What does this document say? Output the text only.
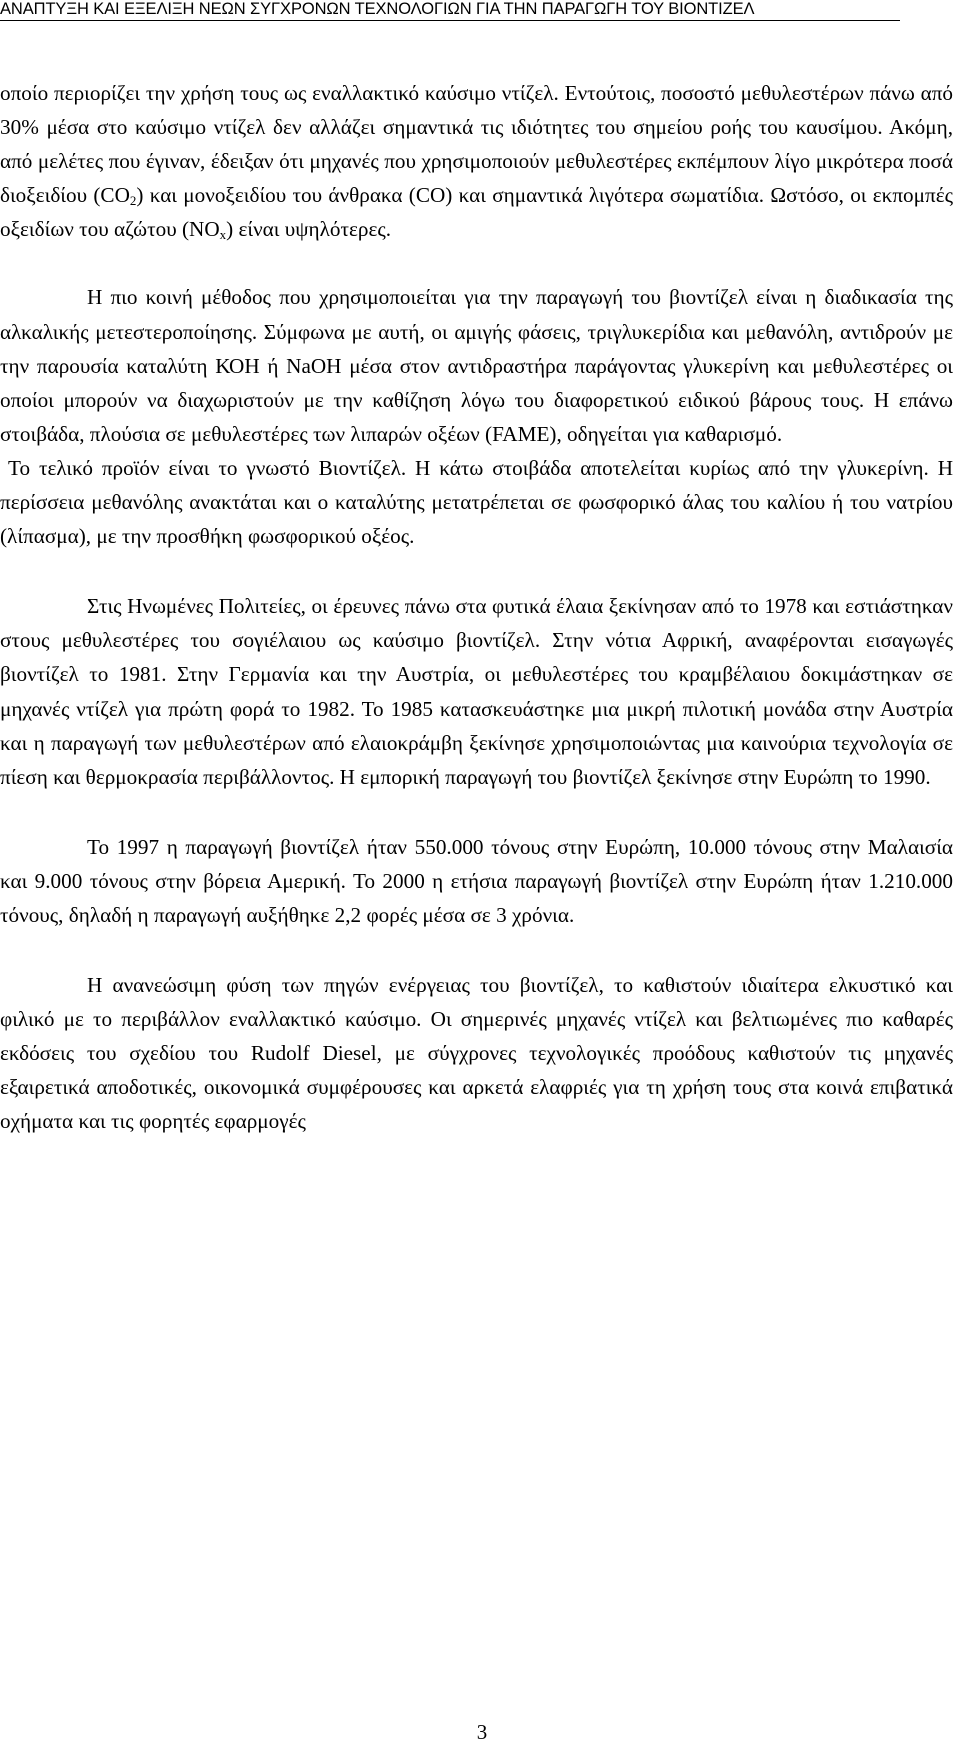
ΑΝΑΠΤΥΞΗ ΚΑΙ ΕΞΕΛΙΞΗ ΝΕΩΝ ΣΥΓΧΡΟΝΩΝ ΤΕΧΝΟΛΟΓΙΩΝ ΓΙΑ ΤΗΝ ΠΑΡΑΓΩΓΗ ΤΟΥ ΒΙΟΝΤΙΖΕΛ

οποίο περιορίζει την χρήση τους ως εναλλακτικό καύσιμο ντίζελ. Εντούτοις, ποσοστό μεθυλεστέρων πάνω από 30% μέσα στο καύσιμο ντίζελ δεν αλλάζει σημαντικά τις ιδιότητες του σημείου ροής του καυσίμου. Ακόμη, από μελέτες που έγιναν, έδειξαν ότι μηχανές που χρησιμοποιούν μεθυλεστέρες εκπέμπουν λίγο μικρότερα ποσά διοξειδίου $(CO_2)$ και μονοξειδίου του άνθρακα (CO) και σημαντικά λιγότερα σωματίδια. Ωστόσο, οι εκπομπές οξειδίων του αζώτου $(NO_x)$ είναι υψηλότερες.

Η πιο κοινή μέθοδος που χρησιμοποιείται για την παραγωγή του βιοντίζελ είναι η διαδικασία της αλκαλικής μετεστεροποίησης. Σύμφωνα με αυτή, οι αμιγής φάσεις, τριγλυκερίδια και μεθανόλη, αντιδρούν με την παρουσία καταλύτη ΚΟΗ ή NaOH μέσα στον αντιδραστήρα παράγοντας γλυκερίνη και μεθυλεστέρες οι οποίοι μπορούν να διαχωριστούν με την καθίζηση λόγω του διαφορετικού ειδικού βάρους τους. Η επάνω στοιβάδα, πλούσια σε μεθυλεστέρες των λιπαρών οξέων (FAME), οδηγείται για καθαρισμό.

Το τελικό προϊόν είναι το γνωστό Βιοντίζελ. Η κάτω στοιβάδα αποτελείται κυρίως από την γλυκερίνη. Η περίσσεια μεθανόλης ανακτάται και ο καταλύτης μετατρέπεται σε φωσφορικό άλας του καλίου ή του νατρίου (λίπασμα), με την προσθήκη φωσφορικού οξέος.

Στις Ηνωμένες Πολιτείες, οι έρευνες πάνω στα φυτικά έλαια ξεκίνησαν από το 1978 και εστιάστηκαν στους μεθυλεστέρες του σογιέλαιου ως καύσιμο βιοντίζελ. Στην νότια Αφρική, αναφέρονται εισαγωγές βιοντίζελ το 1981. Στην Γερμανία και την Αυστρία, οι μεθυλεστέρες του κραμβέλαιου δοκιμάστηκαν σε μηχανές ντίζελ για πρώτη φορά το 1982. Το 1985 κατασκευάστηκε μια μικρή πιλοτική μονάδα στην Αυστρία και η παραγωγή των μεθυλεστέρων από ελαιοκράμβη ξεκίνησε χρησιμοποιώντας μια καινούρια τεχνολογία σε πίεση και θερμοκρασία περιβάλλοντος. Η εμπορική παραγωγή του βιοντίζελ ξεκίνησε στην Ευρώπη το 1990.

Το 1997 η παραγωγή βιοντίζελ ήταν 550.000 τόνους στην Ευρώπη, 10.000 τόνους στην Μαλαισία και 9.000 τόνους στην βόρεια Αμερική. Το 2000 η ετήσια παραγωγή βιοντίζελ στην Ευρώπη ήταν 1.210.000 τόνους, δηλαδή η παραγωγή αυξήθηκε 2,2 φορές μέσα σε 3 χρόνια.

Η ανανεώσιμη φύση των πηγών ενέργειας του βιοντίζελ, το καθιστούν ιδιαίτερα ελκυστικό και φιλικό με το περιβάλλον εναλλακτικό καύσιμο. Οι σημερινές μηχανές ντίζελ και βελτιωμένες πιο καθαρές εκδόσεις του σχεδίου του Rudolf Diesel, με σύγχρονες τεχνολογικές προόδους καθιστούν τις μηχανές εξαιρετικά αποδοτικές, οικονομικά συμφέρουσες και αρκετά ελαφριές για τη χρήση τους στα κοινά επιβατικά οχήματα και τις φορητές εφαρμογές

3
